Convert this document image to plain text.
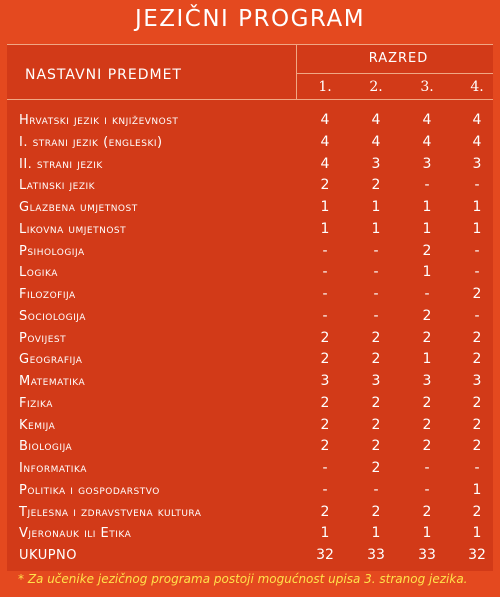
JEZIČNI PROGRAM
NASTAVNI PREDMET
RAZRED
1.	2.	3.	4.
Hrvatski jezik i književnost	4	4	4	4
I. strani jezik (engleski)	4	4	4	4
II. strani jezik	4	3	3	3
Latinski jezik	2	2	-	-
Glazbena umjetnost	1	1	1	1
Likovna umjetnost	1	1	1	1
Psihologija	-	-	2	-
Logika	-	-	1	-
Filozofija	-	-	-	2
Sociologija	-	-	2	-
Povijest	2	2	2	2
Geografija	2	2	1	2
Matematika	3	3	3	3
Fizika	2	2	2	2
Kemija	2	2	2	2
Biologija	2	2	2	2
Informatika	-	2	-	-
Politika i gospodarstvo	-	-	-	1
Tjelesna i zdravstvena kultura	2	2	2	2
Vjeronauk ili Etika	1	1	1	1
UKUPNO	32	33	33	32
* Za učenike jezičnog programa postoji mogućnost upisa 3. stranog jezika.
